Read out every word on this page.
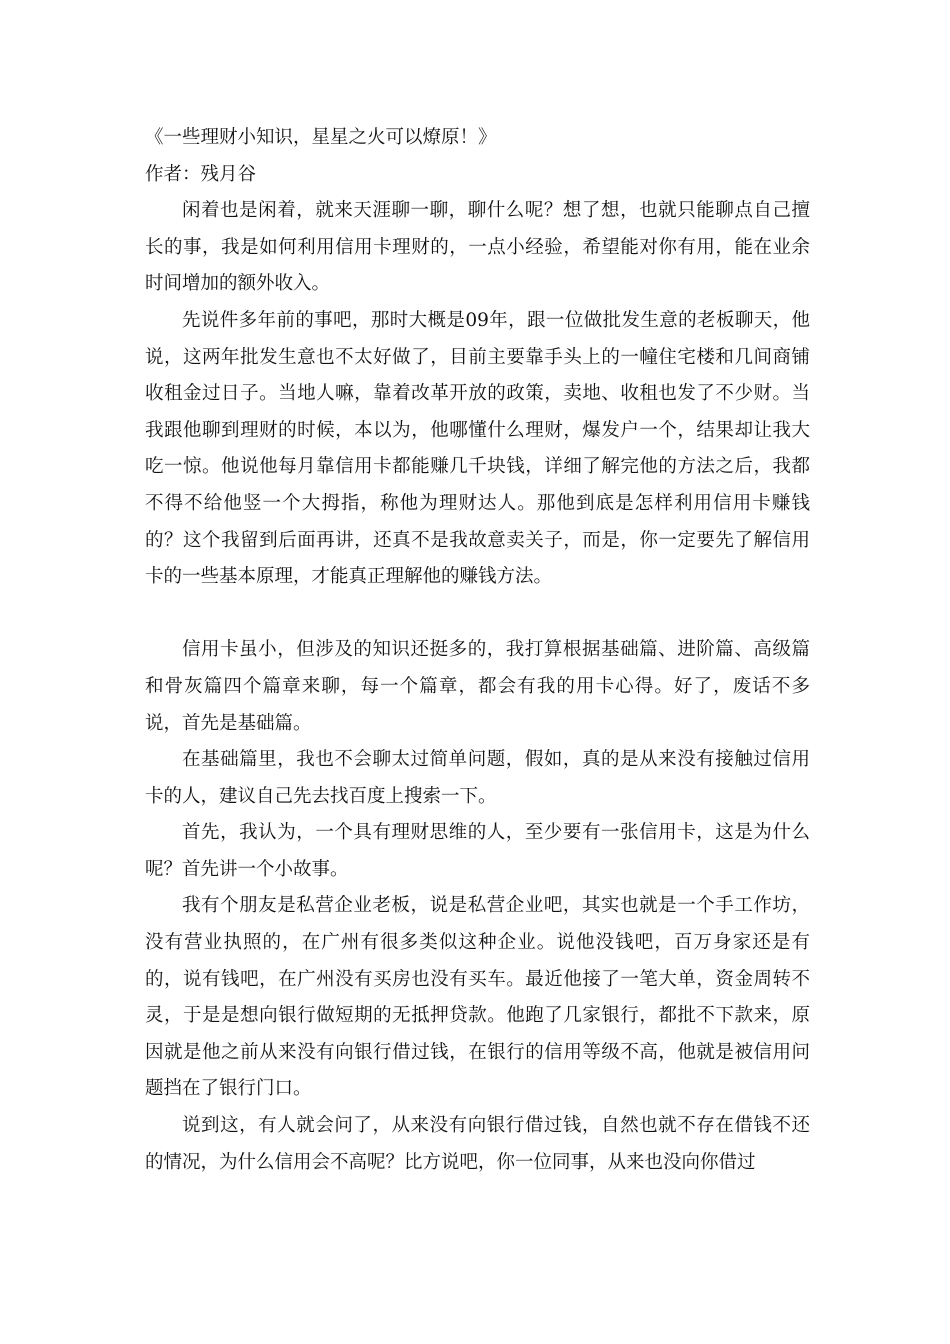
《一些理财小知识，星星之火可以燎原！》

作者：残月谷

闲着也是闲着，就来天涯聊一聊，聊什么呢？想了想，也就只能聊点自己擅长的事，我是如何利用信用卡理财的，一点小经验，希望能对你有用，能在业余时间增加的额外收入。

先说件多年前的事吧，那时大概是09年，跟一位做批发生意的老板聊天，他说，这两年批发生意也不太好做了，目前主要靠手头上的一幢住宅楼和几间商铺收租金过日子。当地人嘛，靠着改革开放的政策，卖地、收租也发了不少财。当我跟他聊到理财的时候，本以为，他哪懂什么理财，爆发户一个，结果却让我大吃一惊。他说他每月靠信用卡都能赚几千块钱，详细了解完他的方法之后，我都不得不给他竖一个大拇指，称他为理财达人。那他到底是怎样利用信用卡赚钱的？这个我留到后面再讲，还真不是我故意卖关子，而是，你一定要先了解信用卡的一些基本原理，才能真正理解他的赚钱方法。

信用卡虽小，但涉及的知识还挺多的，我打算根据基础篇、进阶篇、高级篇和骨灰篇四个篇章来聊，每一个篇章，都会有我的用卡心得。好了，废话不多说，首先是基础篇。

在基础篇里，我也不会聊太过简单问题，假如，真的是从来没有接触过信用卡的人，建议自己先去找百度上搜索一下。

首先，我认为，一个具有理财思维的人，至少要有一张信用卡，这是为什么呢？首先讲一个小故事。

我有个朋友是私营企业老板，说是私营企业吧，其实也就是一个手工作坊，没有营业执照的，在广州有很多类似这种企业。说他没钱吧，百万身家还是有的，说有钱吧，在广州没有买房也没有买车。最近他接了一笔大单，资金周转不灵，于是是想向银行做短期的无抵押贷款。他跑了几家银行，都批不下款来，原因就是他之前从来没有向银行借过钱，在银行的信用等级不高，他就是被信用问题挡在了银行门口。

说到这，有人就会问了，从来没有向银行借过钱，自然也就不存在借钱不还的情况，为什么信用会不高呢？比方说吧，你一位同事，从来也没向你借过
